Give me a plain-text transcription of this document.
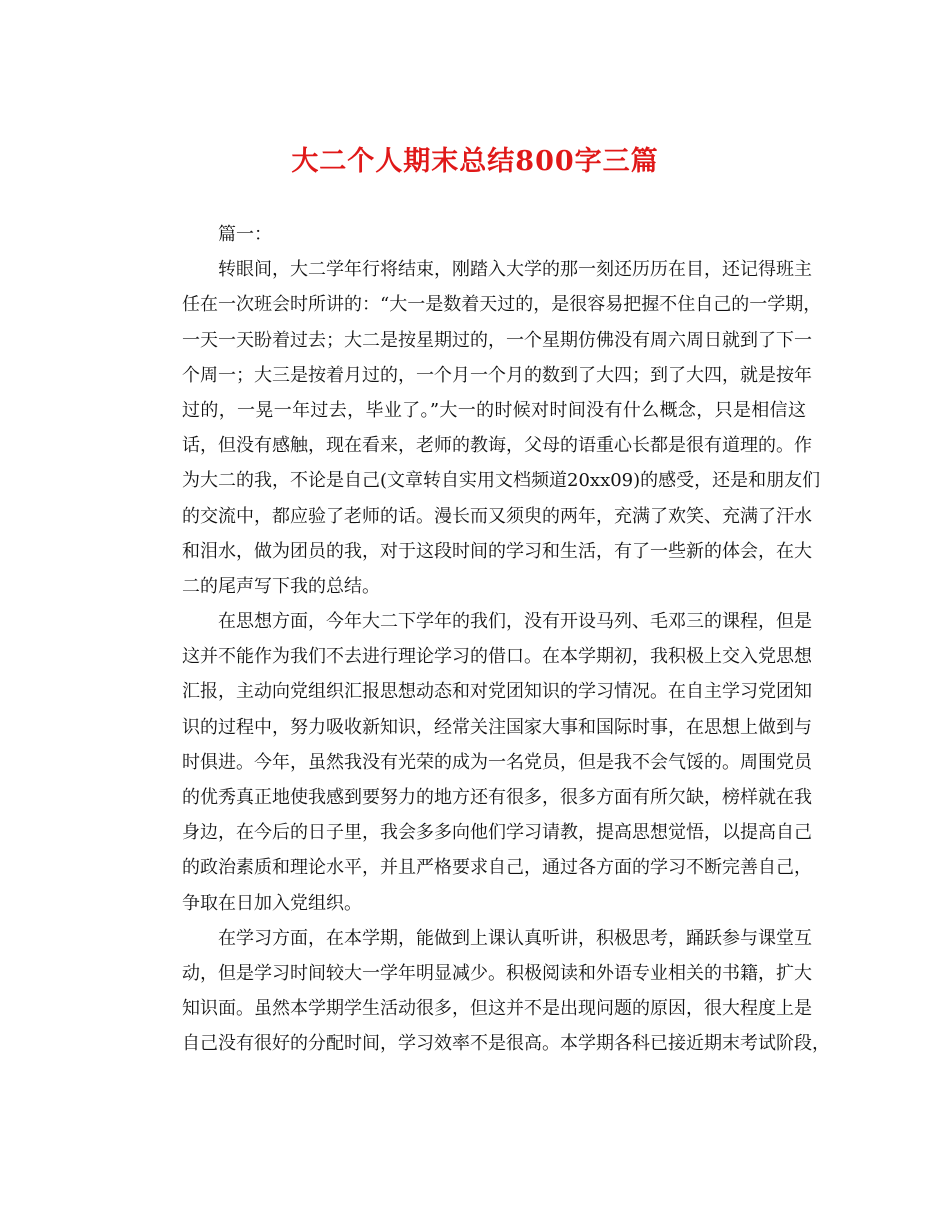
大二个人期末总结800字三篇
篇一：
转眼间，大二学年行将结束，刚踏入大学的那一刻还历历在目，还记得班主
任在一次班会时所讲的：“大一是数着天过的，是很容易把握不住自己的一学期，
一天一天盼着过去；大二是按星期过的，一个星期仿佛没有周六周日就到了下一
个周一；大三是按着月过的，一个月一个月的数到了大四；到了大四，就是按年
过的，一晃一年过去，毕业了。”大一的时候对时间没有什么概念，只是相信这
话，但没有感触，现在看来，老师的教诲，父母的语重心长都是很有道理的。作
为大二的我，不论是自己(文章转自实用文档频道20xx09)的感受，还是和朋友们
的交流中，都应验了老师的话。漫长而又须臾的两年，充满了欢笑、充满了汗水
和泪水，做为团员的我，对于这段时间的学习和生活，有了一些新的体会，在大
二的尾声写下我的总结。
在思想方面，今年大二下学年的我们，没有开设马列、毛邓三的课程，但是
这并不能作为我们不去进行理论学习的借口。在本学期初，我积极上交入党思想
汇报，主动向党组织汇报思想动态和对党团知识的学习情况。在自主学习党团知
识的过程中，努力吸收新知识，经常关注国家大事和国际时事，在思想上做到与
时俱进。今年，虽然我没有光荣的成为一名党员，但是我不会气馁的。周围党员
的优秀真正地使我感到要努力的地方还有很多，很多方面有所欠缺，榜样就在我
身边，在今后的日子里，我会多多向他们学习请教，提高思想觉悟，以提高自己
的政治素质和理论水平，并且严格要求自己，通过各方面的学习不断完善自己，
争取在日加入党组织。
在学习方面，在本学期，能做到上课认真听讲，积极思考，踊跃参与课堂互
动，但是学习时间较大一学年明显减少。积极阅读和外语专业相关的书籍，扩大
知识面。虽然本学期学生活动很多，但这并不是出现问题的原因，很大程度上是
自己没有很好的分配时间，学习效率不是很高。本学期各科已接近期末考试阶段，
